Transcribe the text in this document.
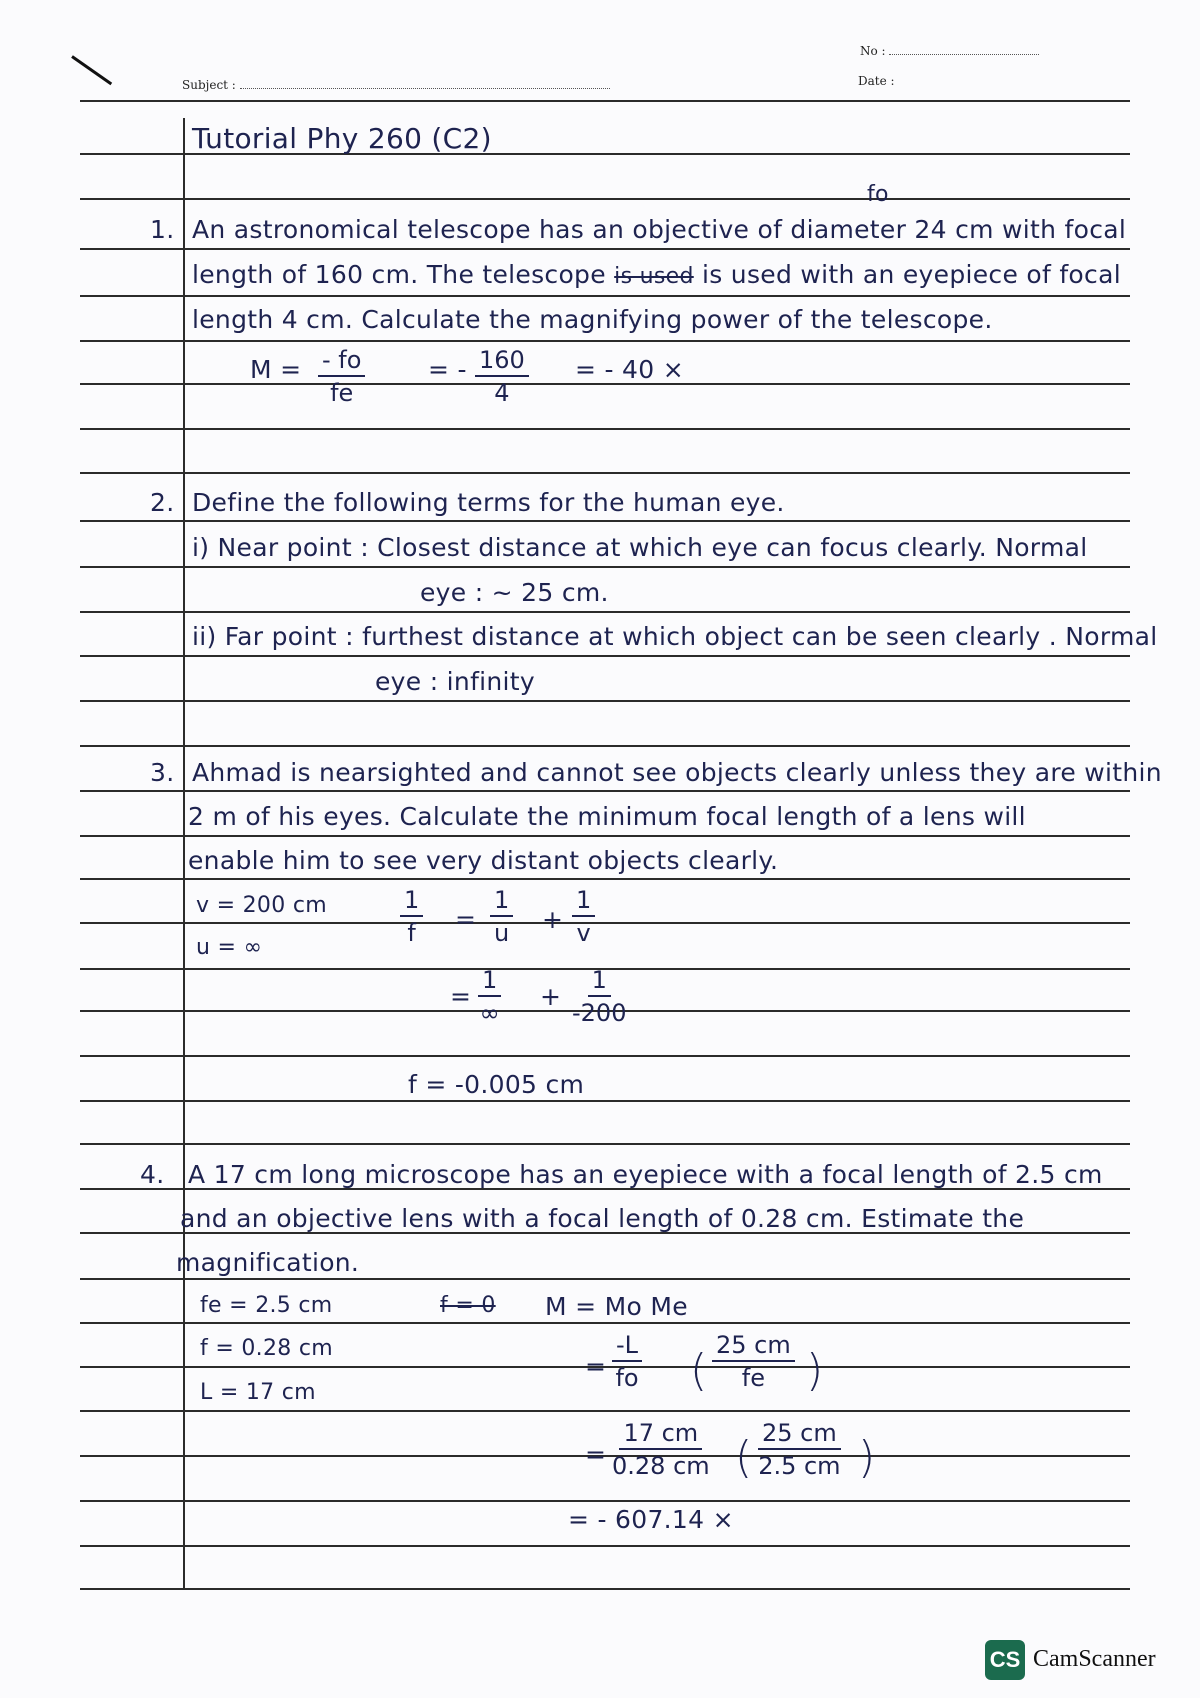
No :
Date :
Subject :
Tutorial Phy 260 (C2)
1.
fo
An astronomical telescope has an objective of diameter 24 cm with focal
length of 160 cm. The telescope is used is used with an eyepiece of focal
length 4 cm. Calculate the magnifying power of the telescope.
$M = \frac{- fo}{fe}$	= - $\frac{160}{4}$ = - 40 ×
2. Define the following terms for the human eye.
i) Near point : Closest distance at which eye can focus clearly. Normal
eye : ~ 25 cm.
ii) Far point : furthest distance at which object can be seen clearly . Normal
eye : infinity
3. Ahmad is nearsighted and cannot see objects clearly unless they are within
2 m of his eyes. Calculate the minimum focal length of a lens will
enable him to see very distant objects clearly.
v = 200 cm
u = ∞	$\frac{1}{f} = \frac{1}{u} + \frac{1}{v}$
=
1
∞
+ $\frac{1}{-200}$
f = -0.005 cm
4. A 17 cm long microscope has an eyepiece with a focal length of 2.5 cm
and an objective lens with a focal length of 0.28 cm. Estimate the
magnification.
fe = 2.5 cm
f = 0.28 cm
L = 17 cm
f = 0 M = Mo Me
= $\frac{-L}{fo}$ ( $\frac{25 cm}{fe}$ )
= $\frac{17 cm}{0.28 cm}$ ( $\frac{25 cm}{2.5 cm}$ )
= - 607.14 ×
CS CamScanner
